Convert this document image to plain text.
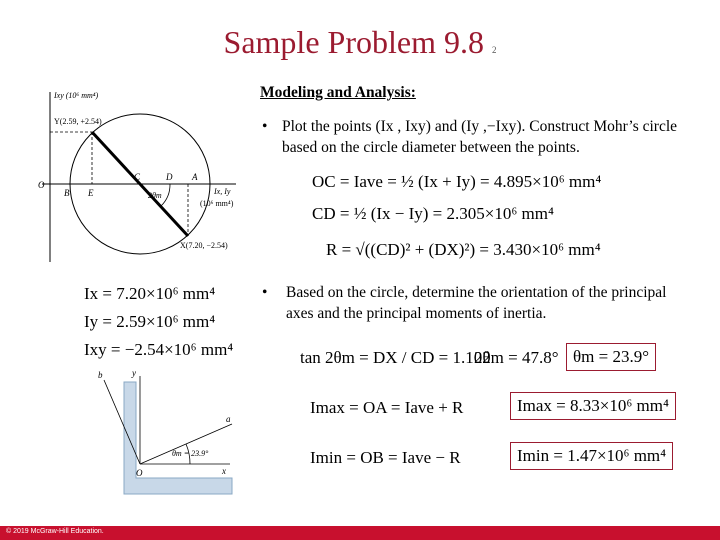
Sample Problem 9.8 2
Modeling and Analysis:
• Plot the points (Ix , Ixy) and (Iy ,−Ixy). Construct Mohr’s circle based on the circle diameter between the points.
OC = Iave = ½ (Ix + Iy) = 4.895×10⁶ mm⁴
CD = ½ (Ix − Iy) = 2.305×10⁶ mm⁴
R = √((CD)² + (DX)²) = 3.430×10⁶ mm⁴
• Based on the circle, determine the orientation of the principal axes and the principal moments of inertia.
tan 2θm = DX / CD = 1.102
2θm = 47.8° θm = 23.9°
Imax = OA = Iave + R	Imax = 8.33×10⁶ mm⁴
Imin = OB = Iave − R	Imin = 1.47×10⁶ mm⁴
Ix = 7.20×10⁶ mm⁴
Iy = 2.59×10⁶ mm⁴
Ixy = −2.54×10⁶ mm⁴
Ixy (10⁶ mm⁴)
Y(2.59, +2.54)
X(7.20, −2.54)
O
B E
C	D A
2θm	Ix, Iy
(10⁶ mm⁴)
b	y
a
O	x
θm = 23.9°
© 2019 McGraw-Hill Education.
